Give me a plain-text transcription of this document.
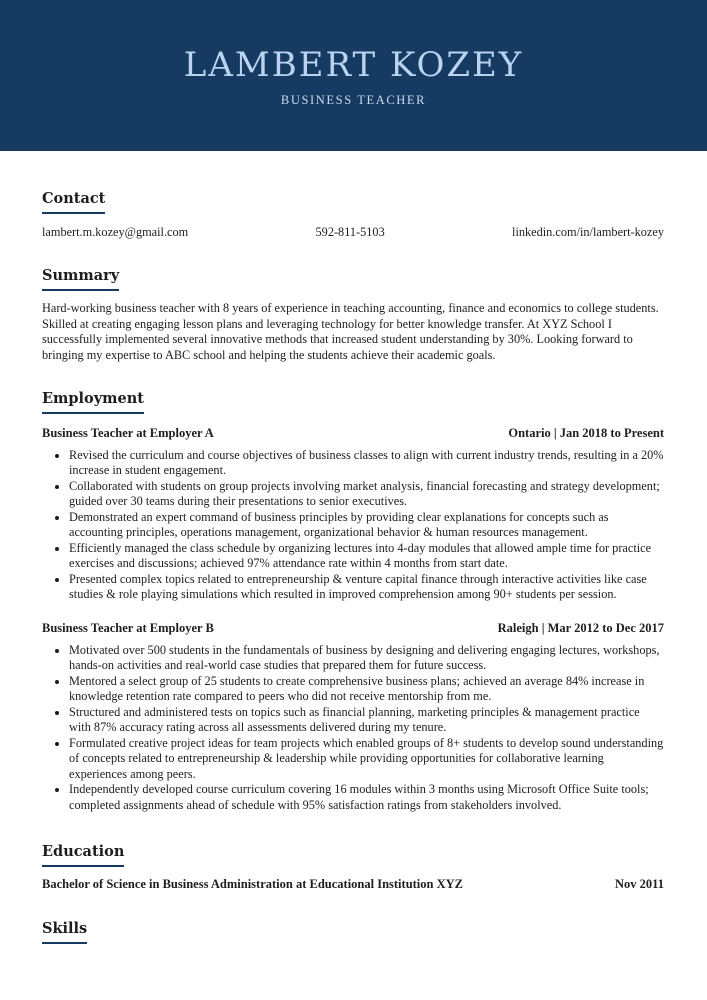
LAMBERT KOZEY
BUSINESS TEACHER
Contact
lambert.m.kozey@gmail.com	592-811-5103	linkedin.com/in/lambert-kozey
Summary

Hard-working business teacher with 8 years of experience in teaching accounting, finance and economics to college students. Skilled at creating engaging lesson plans and leveraging technology for better knowledge transfer. At XYZ School I successfully implemented several innovative methods that increased student understanding by 30%. Looking forward to bringing my expertise to ABC school and helping the students achieve their academic goals.

Employment
Business Teacher at Employer A	Ontario | Jan 2018 to Present
• Revised the curriculum and course objectives of business classes to align with current industry trends, resulting in a 20% increase in student engagement.
• Collaborated with students on group projects involving market analysis, financial forecasting and strategy development; guided over 30 teams during their presentations to senior executives.
• Demonstrated an expert command of business principles by providing clear explanations for concepts such as accounting principles, operations management, organizational behavior & human resources management.
• Efficiently managed the class schedule by organizing lectures into 4-day modules that allowed ample time for practice exercises and discussions; achieved 97% attendance rate within 4 months from start date.
• Presented complex topics related to entrepreneurship & venture capital finance through interactive activities like case studies & role playing simulations which resulted in improved comprehension among 90+ students per session.
Business Teacher at Employer B	Raleigh | Mar 2012 to Dec 2017
• Motivated over 500 students in the fundamentals of business by designing and delivering engaging lectures, workshops, hands-on activities and real-world case studies that prepared them for future success.
• Mentored a select group of 25 students to create comprehensive business plans; achieved an average 84% increase in knowledge retention rate compared to peers who did not receive mentorship from me.
• Structured and administered tests on topics such as financial planning, marketing principles & management practice with 87% accuracy rating across all assessments delivered during my tenure.
• Formulated creative project ideas for team projects which enabled groups of 8+ students to develop sound understanding of concepts related to entrepreneurship & leadership while providing opportunities for collaborative learning experiences among peers.
• Independently developed course curriculum covering 16 modules within 3 months using Microsoft Office Suite tools; completed assignments ahead of schedule with 95% satisfaction ratings from stakeholders involved.
Education
Bachelor of Science in Business Administration at Educational Institution XYZ	Nov 2011
Skills
